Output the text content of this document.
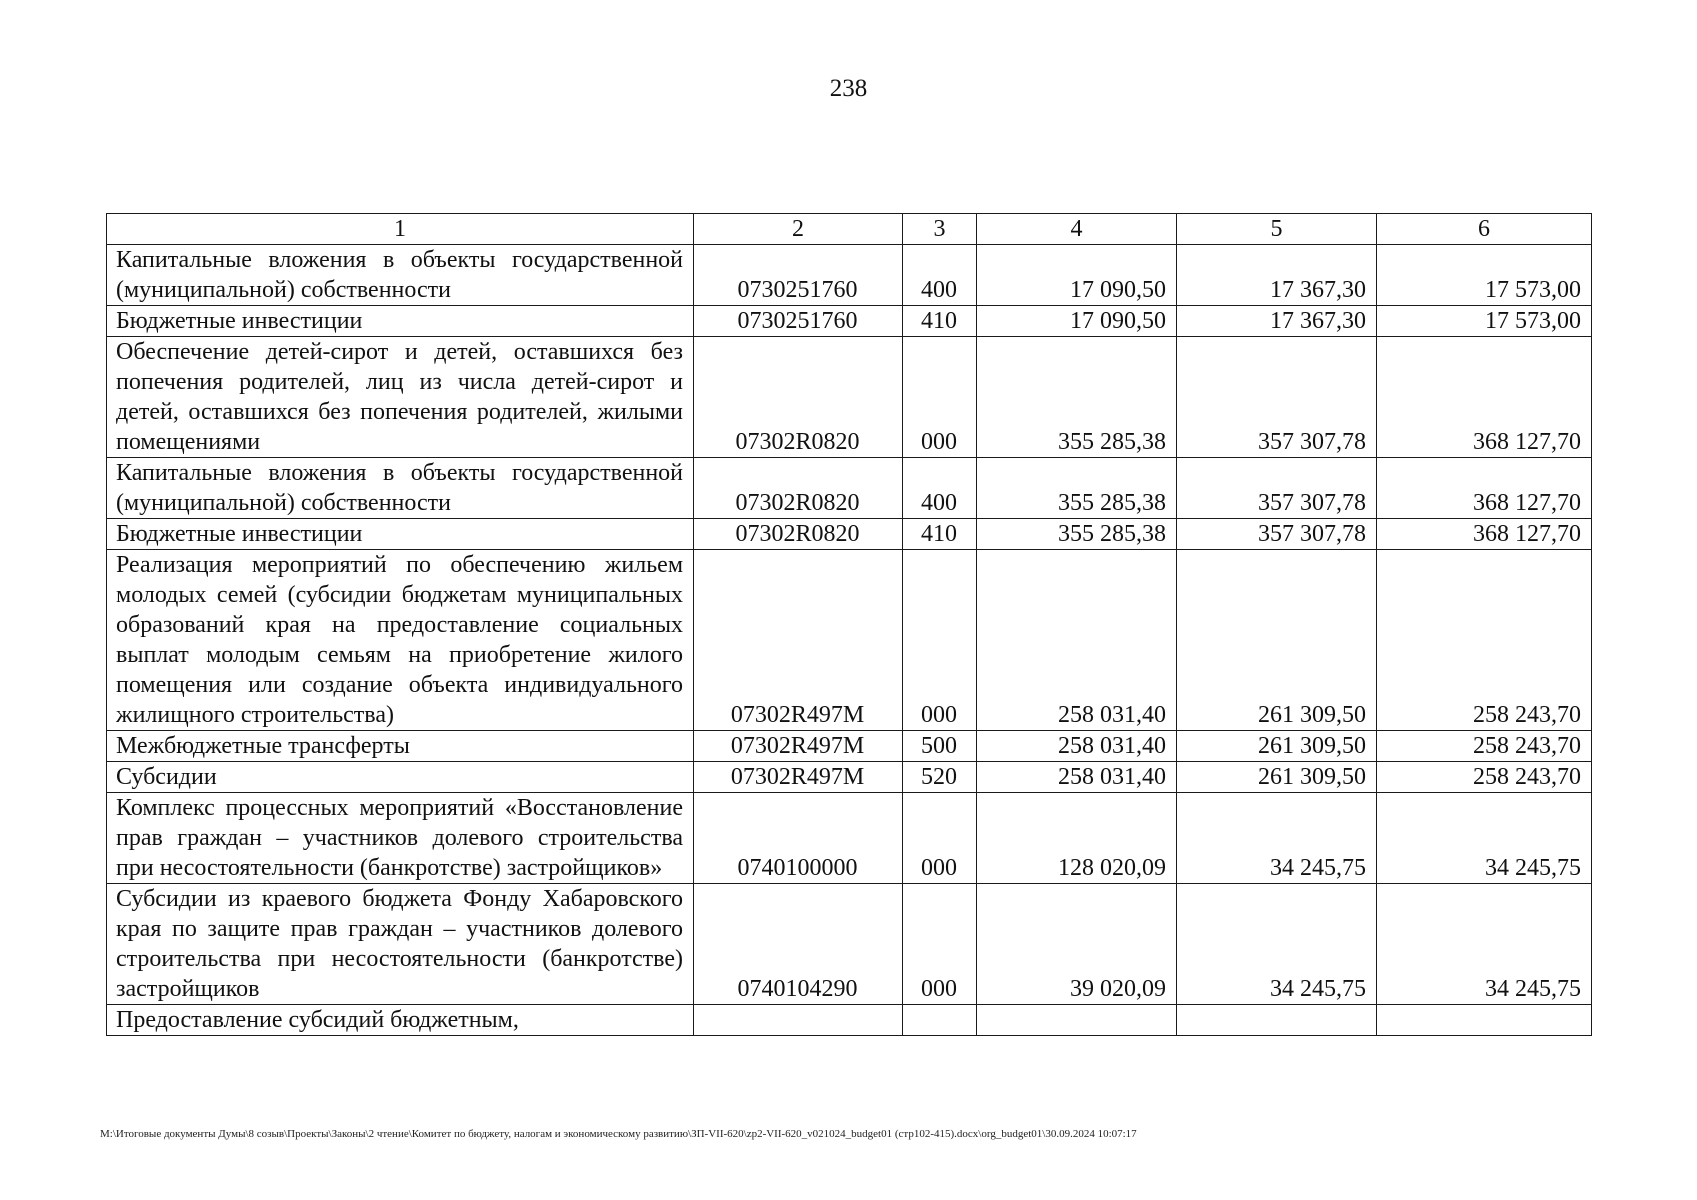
238
1	2	3	4	5	6
Капитальные вложения в объекты государственной (муниципальной) собственности	0730251760	400	17 090,50	17 367,30	17 573,00
Бюджетные инвестиции	0730251760	410	17 090,50	17 367,30	17 573,00
Обеспечение детей-сирот и детей, оставшихся без попечения родителей, лиц из числа детей-сирот и детей, оставшихся без попечения родителей, жилыми помещениями	07302R0820	000	355 285,38	357 307,78	368 127,70
Капитальные вложения в объекты государственной (муниципальной) собственности	07302R0820	400	355 285,38	357 307,78	368 127,70
Бюджетные инвестиции	07302R0820	410	355 285,38	357 307,78	368 127,70
Реализация мероприятий по обеспечению жильем молодых семей (субсидии бюджетам муниципальных образований края на предоставление социальных выплат молодым семьям на приобретение жилого помещения или создание объекта индивидуального жилищного строительства)	07302R497M	000	258 031,40	261 309,50	258 243,70
Межбюджетные трансферты	07302R497M	500	258 031,40	261 309,50	258 243,70
Субсидии	07302R497M	520	258 031,40	261 309,50	258 243,70
Комплекс процессных мероприятий «Восстановление прав граждан – участников долевого строительства при несостоятельности (банкротстве) застройщиков»	0740100000	000	128 020,09	34 245,75	34 245,75
Субсидии из краевого бюджета Фонду Хабаровского края по защите прав граждан – участников долевого строительства при несостоятельности (банкротстве) застройщиков	0740104290	000	39 020,09	34 245,75	34 245,75
Предоставление субсидий бюджетным,					
M:\Итоговые документы Думы\8 созыв\Проекты\Законы\2 чтение\Комитет по бюджету, налогам и экономическому развитию\ЗП-VII-620\zp2-VII-620_v021024_budget01 (стр102-415).docx\org_budget01\30.09.2024 10:07:17
